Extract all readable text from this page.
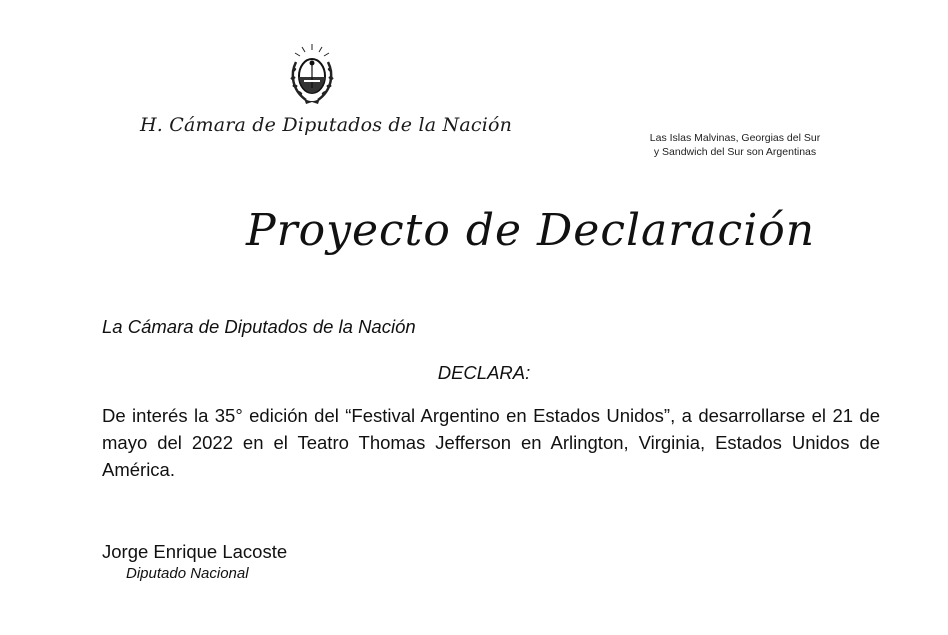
H. Cámara de Diputados de la Nación
Las Islas Malvinas, Georgias del Sur
y Sandwich del Sur son Argentinas
Proyecto de Declaración
La Cámara de Diputados de la Nación
DECLARA:
De interés la 35° edición del “Festival Argentino en Estados Unidos”, a desarrollarse el 21 de mayo del 2022 en el Teatro Thomas Jefferson en Arlington, Virginia, Estados Unidos de América.
Jorge Enrique Lacoste
Diputado Nacional
